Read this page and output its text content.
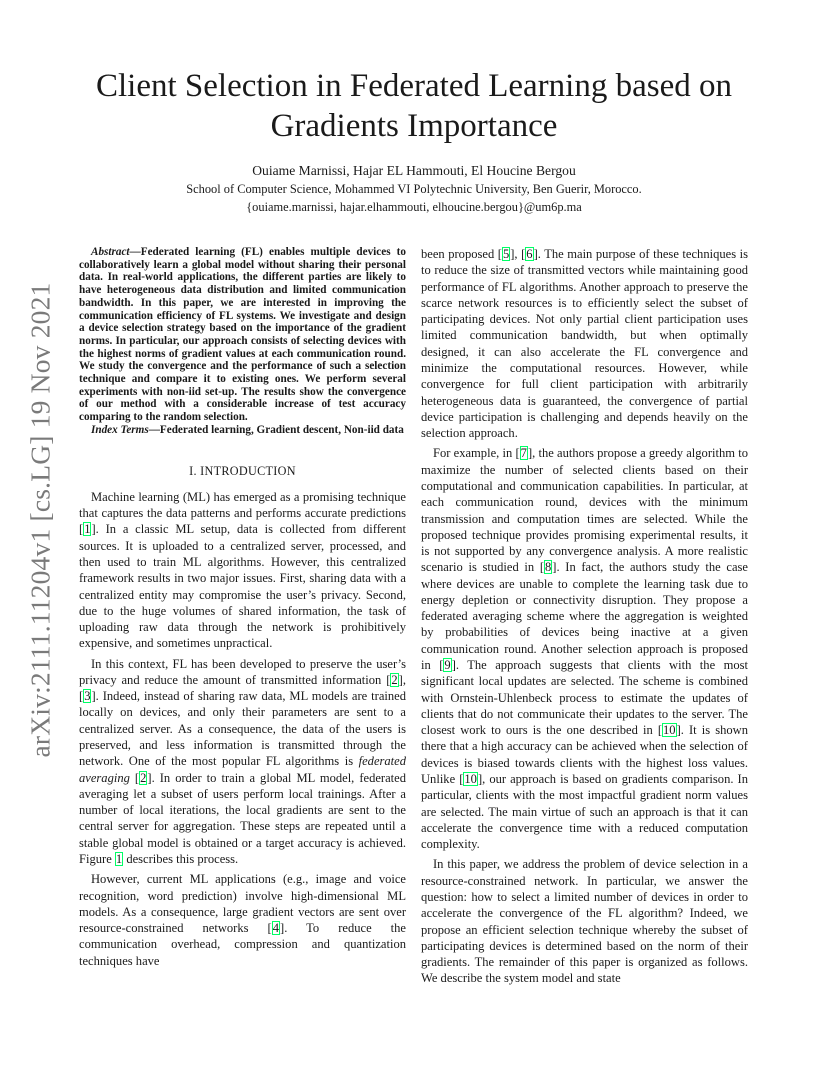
arXiv:2111.11204v1 [cs.LG] 19 Nov 2021
Client Selection in Federated Learning based on
Gradients Importance
Ouiame Marnissi, Hajar EL Hammouti, El Houcine Bergou
School of Computer Science, Mohammed VI Polytechnic University, Ben Guerir, Morocco.
{ouiame.marnissi, hajar.elhammouti, elhoucine.bergou}@um6p.ma

Abstract—Federated learning (FL) enables multiple devices to collaboratively learn a global model without sharing their personal data. In real-world applications, the different parties are likely to have heterogeneous data distribution and limited communication bandwidth. In this paper, we are interested in improving the communication efficiency of FL systems. We investigate and design a device selection strategy based on the importance of the gradient norms. In particular, our approach consists of selecting devices with the highest norms of gradient values at each communication round. We study the convergence and the performance of such a selection technique and compare it to existing ones. We perform several experiments with non-iid set-up. The results show the convergence of our method with a considerable increase of test accuracy comparing to the random selection.

Index Terms—Federated learning, Gradient descent, Non-iid data

I. INTRODUCTION

Machine learning (ML) has emerged as a promising technique that captures the data patterns and performs accurate predictions [1]. In a classic ML setup, data is collected from different sources. It is uploaded to a centralized server, processed, and then used to train ML algorithms. However, this centralized framework results in two major issues. First, sharing data with a centralized entity may compromise the user’s privacy. Second, due to the huge volumes of shared information, the task of uploading raw data through the network is prohibitively expensive, and sometimes unpractical.

In this context, FL has been developed to preserve the user’s privacy and reduce the amount of transmitted information [2], [3]. Indeed, instead of sharing raw data, ML models are trained locally on devices, and only their parameters are sent to a centralized server. As a consequence, the data of the users is preserved, and less information is transmitted through the network. One of the most popular FL algorithms is federated averaging [2]. In order to train a global ML model, federated averaging let a subset of users perform local trainings. After a number of local iterations, the local gradients are sent to the central server for aggregation. These steps are repeated until a stable global model is obtained or a target accuracy is achieved. Figure 1 describes this process.

However, current ML applications (e.g., image and voice recognition, word prediction) involve high-dimensional ML models. As a consequence, large gradient vectors are sent over resource-constrained networks [4]. To reduce the communication overhead, compression and quantization techniques have

been proposed [5], [6]. The main purpose of these techniques is to reduce the size of transmitted vectors while maintaining good performance of FL algorithms. Another approach to preserve the scarce network resources is to efficiently select the subset of participating devices. Not only partial client participation uses limited communication bandwidth, but when optimally designed, it can also accelerate the FL convergence and minimize the computational resources. However, while convergence for full client participation with arbitrarily heterogeneous data is guaranteed, the convergence of partial device participation is challenging and depends heavily on the selection approach.

For example, in [7], the authors propose a greedy algorithm to maximize the number of selected clients based on their computational and communication capabilities. In particular, at each communication round, devices with the minimum transmission and computation times are selected. While the proposed technique provides promising experimental results, it is not supported by any convergence analysis. A more realistic scenario is studied in [8]. In fact, the authors study the case where devices are unable to complete the learning task due to energy depletion or connectivity disruption. They propose a federated averaging scheme where the aggregation is weighted by probabilities of devices being inactive at a given communication round. Another selection approach is proposed in [9]. The approach suggests that clients with the most significant local updates are selected. The scheme is combined with Ornstein-Uhlenbeck process to estimate the updates of clients that do not communicate their updates to the server. The closest work to ours is the one described in [10]. It is shown there that a high accuracy can be achieved when the selection of devices is biased towards clients with the highest loss values. Unlike [10], our approach is based on gradients comparison. In particular, clients with the most impactful gradient norm values are selected. The main virtue of such an approach is that it can accelerate the convergence time with a reduced computation complexity.

In this paper, we address the problem of device selection in a resource-constrained network. In particular, we answer the question: how to select a limited number of devices in order to accelerate the convergence of the FL algorithm? Indeed, we propose an efficient selection technique whereby the subset of participating devices is determined based on the norm of their gradients. The remainder of this paper is organized as follows. We describe the system model and state
